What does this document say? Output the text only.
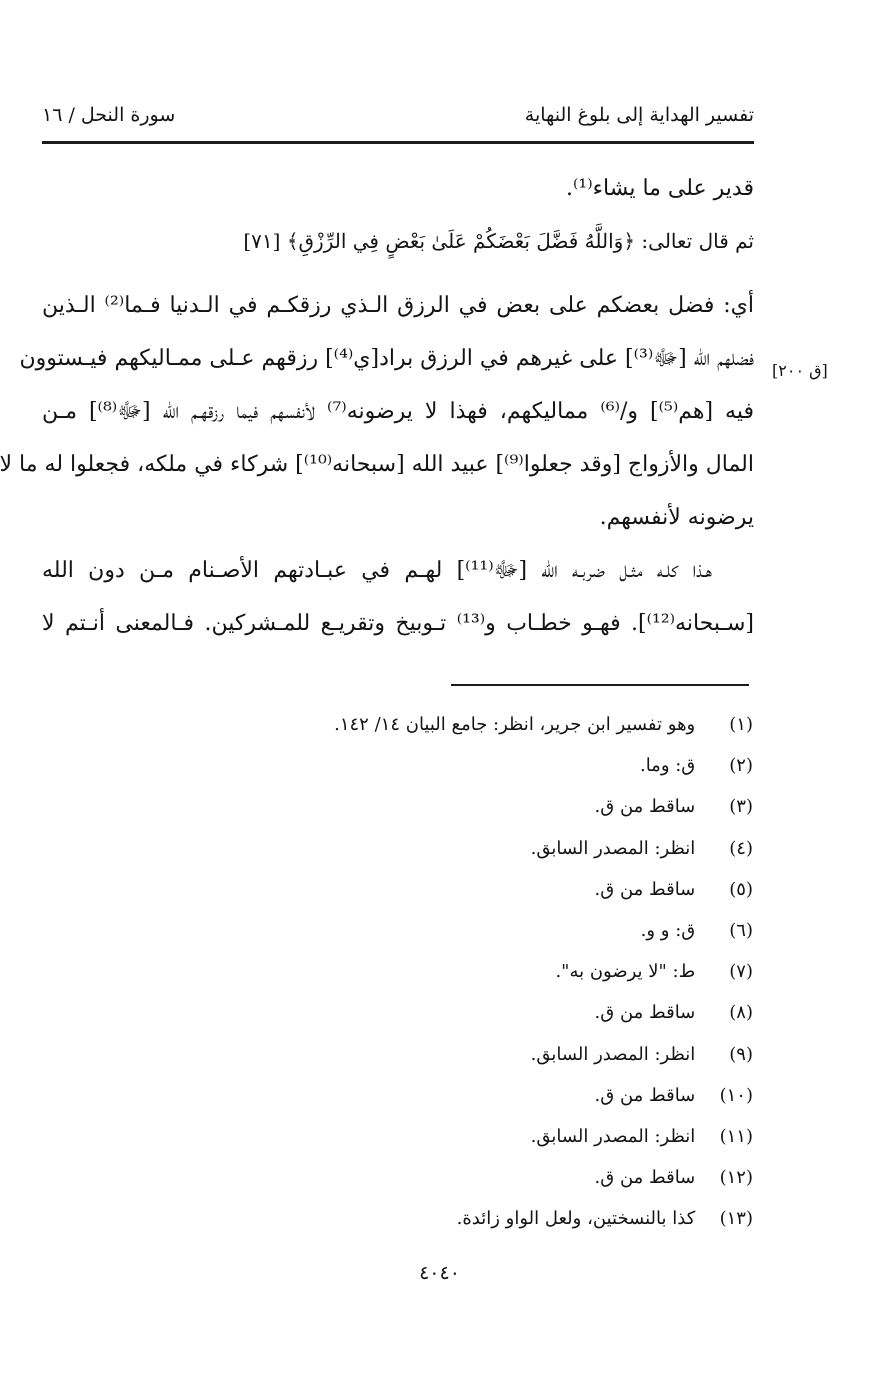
تفسير الهداية إلى بلوغ النهاية
سورة النحل / ١٦
قدير على ما يشاء⁽¹⁾.
ثم قال تعالى: ﴿وَاللَّهُ فَضَّلَ بَعْضَكُمْ عَلَىٰ بَعْضٍ فِي الرِّزْقِ﴾ [٧١]
أي: فضل بعضكم على بعض في الرزق الـذي رزقكـم في الـدنيا فـما⁽²⁾ الـذين
فضلهم الله [ﷻ⁽³⁾] على غيرهم في الرزق براد[ي⁽⁴⁾] رزقهم عـلى ممـاليكهم فيـستوون
فيه [هم⁽⁵⁾] و/⁽⁶⁾ مماليكهم، فهذا لا يرضونه⁽⁷⁾ لأنفسهم فيما رزقهـم الله [ﷻ⁽⁸⁾] مـن
المال والأزواج [وقد جعلوا⁽⁹⁾] عبيد الله [سبحانه⁽¹⁰⁾] شركاء في ملكه، فجعلوا له ما لا
يرضونه لأنفسهم.
هـذا كلـه مثـل ضربـه الله [ﷻ⁽¹¹⁾] لهـم في عبـادتهم الأصـنام مـن دون الله
[سـبحانه⁽¹²⁾]. فهـو خطـاب و⁽¹³⁾ تـوبيخ وتقريـع للمـشركين. فـالمعنى أنـتم لا
[ق ٢٠٠]
(١) وهو تفسير ابن جرير، انظر: جامع البيان ١٤/ ١٤٢.
(٢) ق: وما.
(٣) ساقط من ق.
(٤) انظر: المصدر السابق.
(٥) ساقط من ق.
(٦) ق: و و.
(٧) ط: "لا يرضون به".
(٨) ساقط من ق.
(٩) انظر: المصدر السابق.
(١٠) ساقط من ق.
(١١) انظر: المصدر السابق.
(١٢) ساقط من ق.
(١٣) كذا بالنسختين، ولعل الواو زائدة.
٤٠٤٠
